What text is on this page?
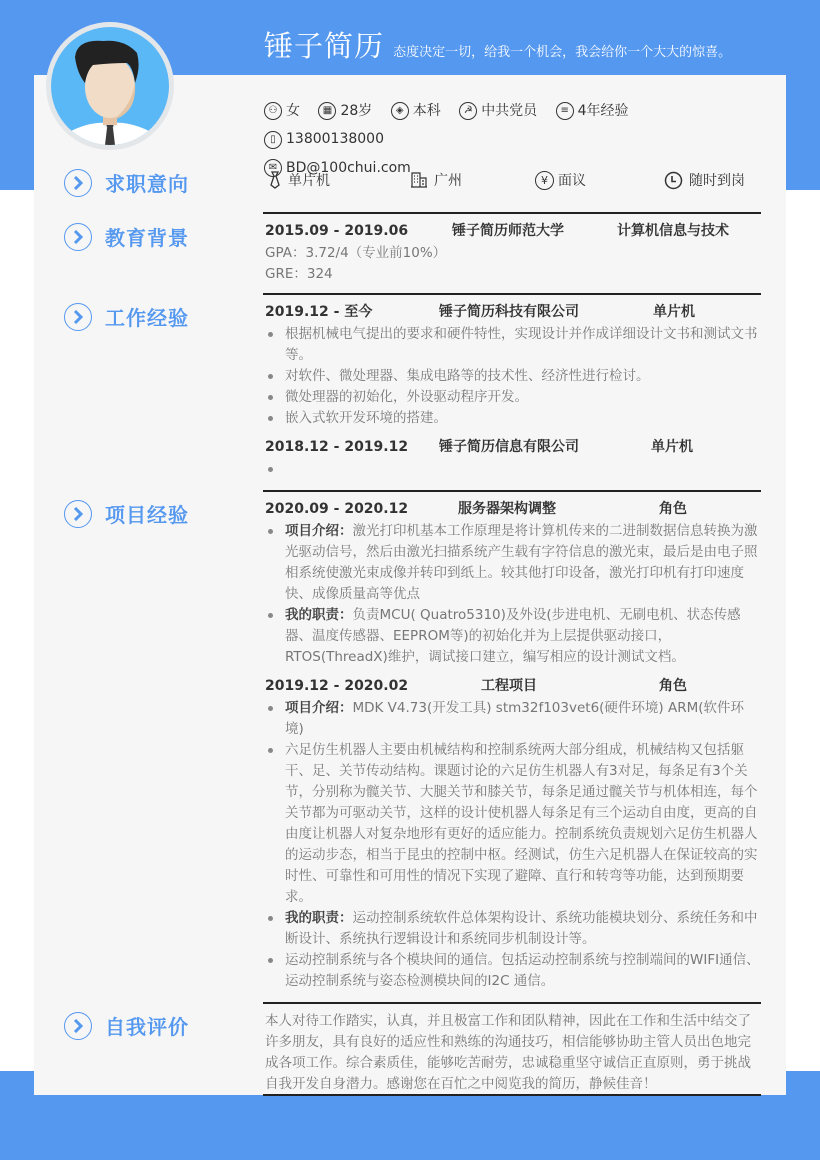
锤子简历 态度决定一切，给我一个机会，我会给你一个大大的惊喜。
⚇ 女
	▦ 28岁
	◈ 本科
	☭ 中共党员
	≡ 4年经验

▯ 13800138000

✉ BD@100chui.com
求职意向
教育背景
工作经验
项目经验
自我评价
单片机	广州	¥ 面议	随时到岗
2015.09 - 2019.06	锤子简历师范大学	计算机信息与技术
GPA：3.72/4（专业前10%）
GRE：324
2019.12 - 至今	锤子简历科技有限公司	单片机
根据机械电气提出的要求和硬件特性，实现设计并作成详细设计文书和测试文书等。
对软件、微处理器、集成电路等的技术性、经济性进行检讨。
微处理器的初始化，外设驱动程序开发。
嵌入式软开发环境的搭建。
2018.12 - 2019.12 锤子简历信息有限公司	单片机
2020.09 - 2020.12	服务器架构调整	角色
项目介绍：激光打印机基本工作原理是将计算机传来的二进制数据信息转换为激光驱动信号，然后由激光扫描系统产生载有字符信息的激光束，最后是由电子照相系统使激光束成像并转印到纸上。较其他打印设备，激光打印机有打印速度快、成像质量高等优点
我的职责：负责MCU( Quatro5310)及外设(步进电机、无刷电机、状态传感器、温度传感器、EEPROM等)的初始化并为上层提供驱动接口，RTOS(ThreadX)维护，调试接口建立，编写相应的设计测试文档。
2019.12 - 2020.02	工程项目	角色
项目介绍：MDK V4.73(开发工具) stm32f103vet6(硬件环境) ARM(软件环境)
六足仿生机器人主要由机械结构和控制系统两大部分组成，机械结构又包括躯干、足、关节传动结构。课题讨论的六足仿生机器人有3对足，每条足有3个关节，分别称为髋关节、大腿关节和膝关节，每条足通过髋关节与机体相连，每个关节都为可驱动关节，这样的设计使机器人每条足有三个运动自由度，更高的自由度让机器人对复杂地形有更好的适应能力。控制系统负责规划六足仿生机器人的运动步态，相当于昆虫的控制中枢。经测试，仿生六足机器人在保证较高的实时性、可靠性和可用性的情况下实现了避障、直行和转弯等功能，达到预期要求。
我的职责：运动控制系统软件总体架构设计、系统功能模块划分、系统任务和中断设计、系统执行逻辑设计和系统同步机制设计等。
运动控制系统与各个模块间的通信。包括运动控制系统与控制端间的WIFI通信、运动控制系统与姿态检测模块间的I2C 通信。
本人对待工作踏实，认真，并且极富工作和团队精神，因此在工作和生活中结交了许多朋友，具有良好的适应性和熟练的沟通技巧，相信能够协助主管人员出色地完成各项工作。综合素质佳，能够吃苦耐劳，忠诚稳重坚守诚信正直原则，勇于挑战自我开发自身潜力。感谢您在百忙之中阅览我的简历，静候佳音！
